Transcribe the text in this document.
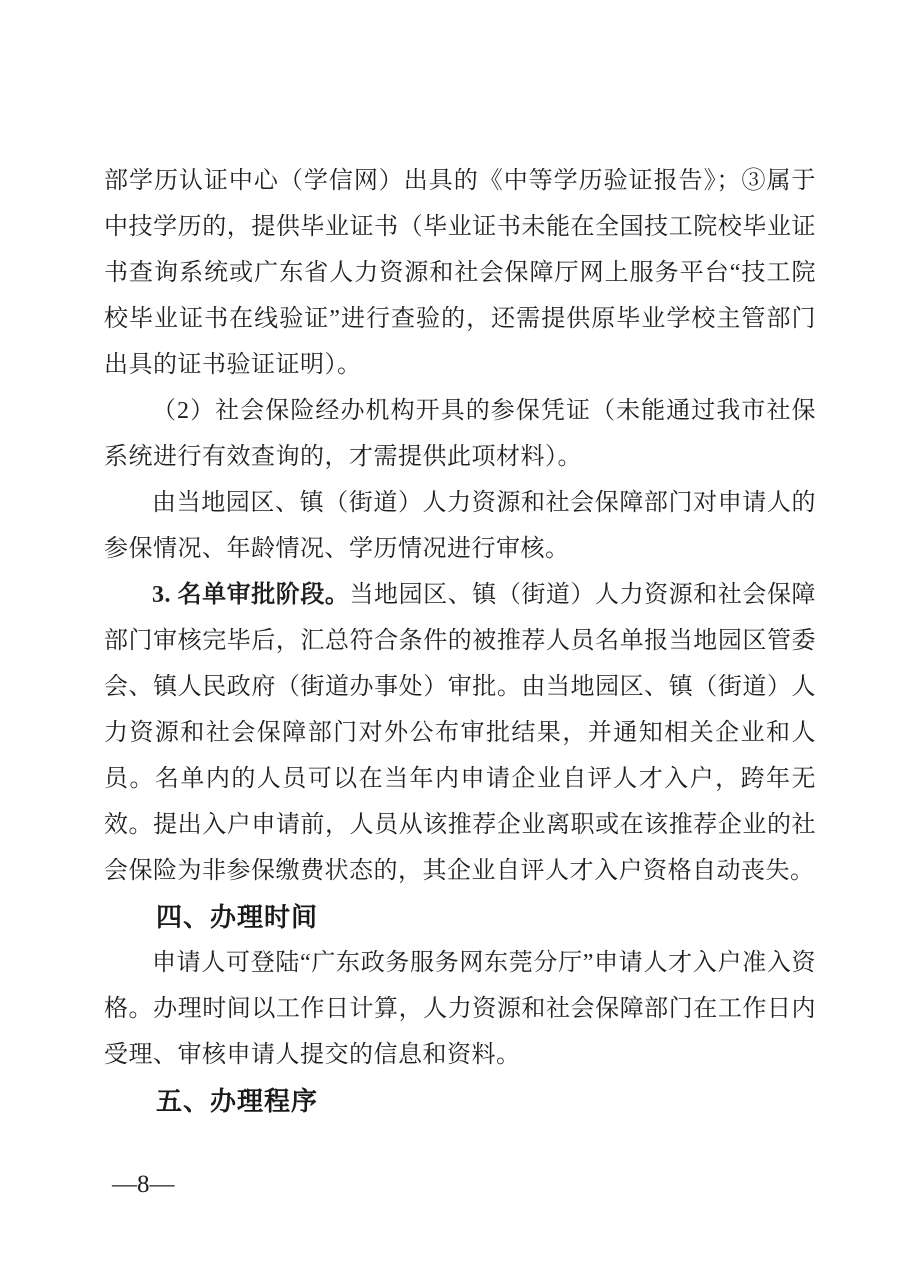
部学历认证中心（学信网）出具的《中等学历验证报告》；③属于中技学历的，提供毕业证书（毕业证书未能在全国技工院校毕业证书查询系统或广东省人力资源和社会保障厅网上服务平台“技工院校毕业证书在线验证”进行查验的，还需提供原毕业学校主管部门出具的证书验证证明）。

（2）社会保险经办机构开具的参保凭证（未能通过我市社保系统进行有效查询的，才需提供此项材料）。

由当地园区、镇（街道）人力资源和社会保障部门对申请人的参保情况、年龄情况、学历情况进行审核。

3. 名单审批阶段。当地园区、镇（街道）人力资源和社会保障部门审核完毕后，汇总符合条件的被推荐人员名单报当地园区管委会、镇人民政府（街道办事处）审批。由当地园区、镇（街道）人力资源和社会保障部门对外公布审批结果，并通知相关企业和人员。名单内的人员可以在当年内申请企业自评人才入户，跨年无效。提出入户申请前，人员从该推荐企业离职或在该推荐企业的社会保险为非参保缴费状态的，其企业自评人才入户资格自动丧失。

四、办理时间

申请人可登陆“广东政务服务网东莞分厅”申请人才入户准入资格。办理时间以工作日计算，人力资源和社会保障部门在工作日内受理、审核申请人提交的信息和资料。

五、办理程序
—8—
